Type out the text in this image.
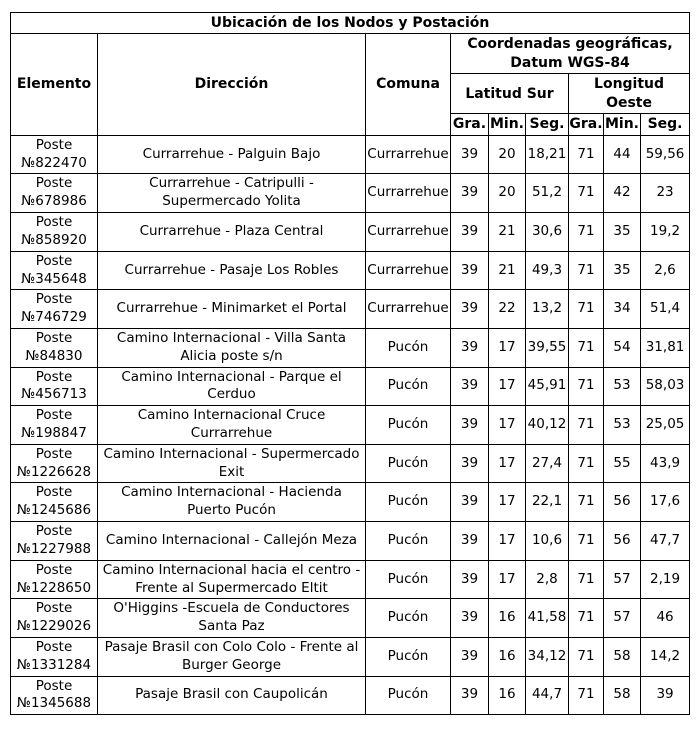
Ubicación de los Nodos y Postación								
Elemento	Dirección	Comuna	Coordenadas geográficas, Datum WGS-84					
			Latitud Sur			Longitud Oeste		
			Gra.	Min.	Seg.	Gra.	Min.	Seg.
Poste №822470	Currarrehue - Palguin Bajo	Currarrehue	39	20	18,21	71	44	59,56
Poste №678986	Currarrehue - Catripulli - Supermercado Yolita	Currarrehue	39	20	51,2	71	42	23
Poste №858920	Currarrehue - Plaza Central	Currarrehue	39	21	30,6	71	35	19,2
Poste №345648	Currarrehue - Pasaje Los Robles	Currarrehue	39	21	49,3	71	35	2,6
Poste №746729	Currarrehue - Minimarket el Portal	Currarrehue	39	22	13,2	71	34	51,4
Poste №84830	Camino Internacional - Villa Santa Alicia poste s/n	Pucón	39	17	39,55	71	54	31,81
Poste №456713	Camino Internacional - Parque el Cerduo	Pucón	39	17	45,91	71	53	58,03
Poste №198847	Camino Internacional Cruce Currarrehue	Pucón	39	17	40,12	71	53	25,05
Poste №1226628	Camino Internacional - Supermercado Exit	Pucón	39	17	27,4	71	55	43,9
Poste №1245686	Camino Internacional - Hacienda Puerto Pucón	Pucón	39	17	22,1	71	56	17,6
Poste №1227988	Camino Internacional - Callejón Meza	Pucón	39	17	10,6	71	56	47,7
Poste №1228650	Camino Internacional hacia el centro - Frente al Supermercado Eltit	Pucón	39	17	2,8	71	57	2,19
Poste №1229026	O'Higgins -Escuela de Conductores Santa Paz	Pucón	39	16	41,58	71	57	46
Poste №1331284	Pasaje Brasil con Colo Colo - Frente al Burger George	Pucón	39	16	34,12	71	58	14,2
Poste №1345688	Pasaje Brasil con Caupolicán	Pucón	39	16	44,7	71	58	39
